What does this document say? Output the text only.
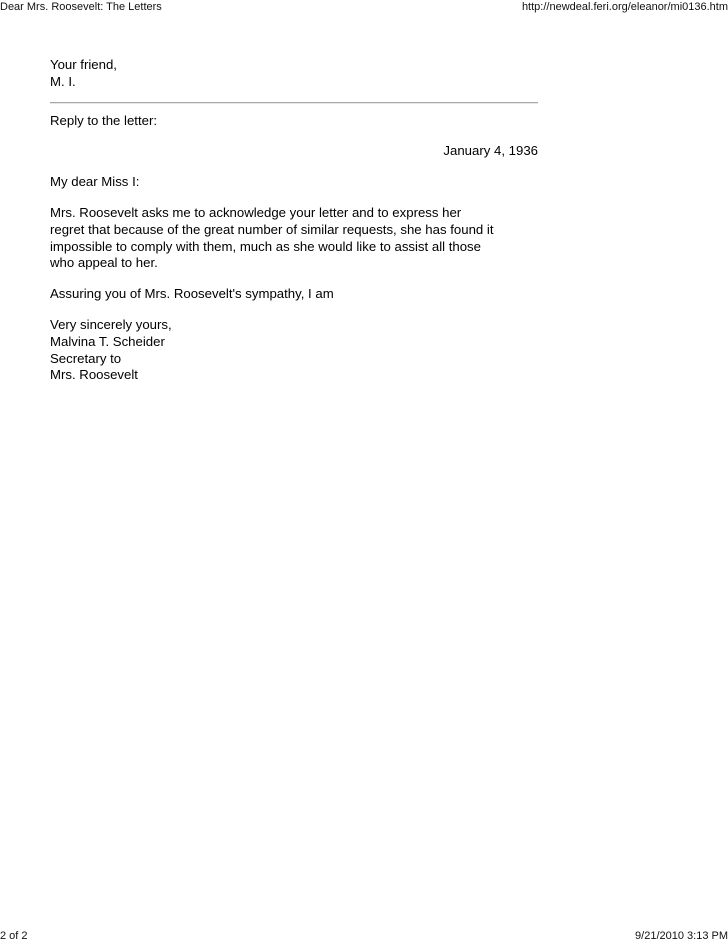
Dear Mrs. Roosevelt: The Letters	http://newdeal.feri.org/eleanor/mi0136.htm
Your friend,
M. I.
Reply to the letter:
January 4, 1936
My dear Miss I:
Mrs. Roosevelt asks me to acknowledge your letter and to express her
regret that because of the great number of similar requests, she has found it
impossible to comply with them, much as she would like to assist all those
who appeal to her.
Assuring you of Mrs. Roosevelt's sympathy, I am
Very sincerely yours,
Malvina T. Scheider
Secretary to
Mrs. Roosevelt
2 of 2	9/21/2010 3:13 PM
